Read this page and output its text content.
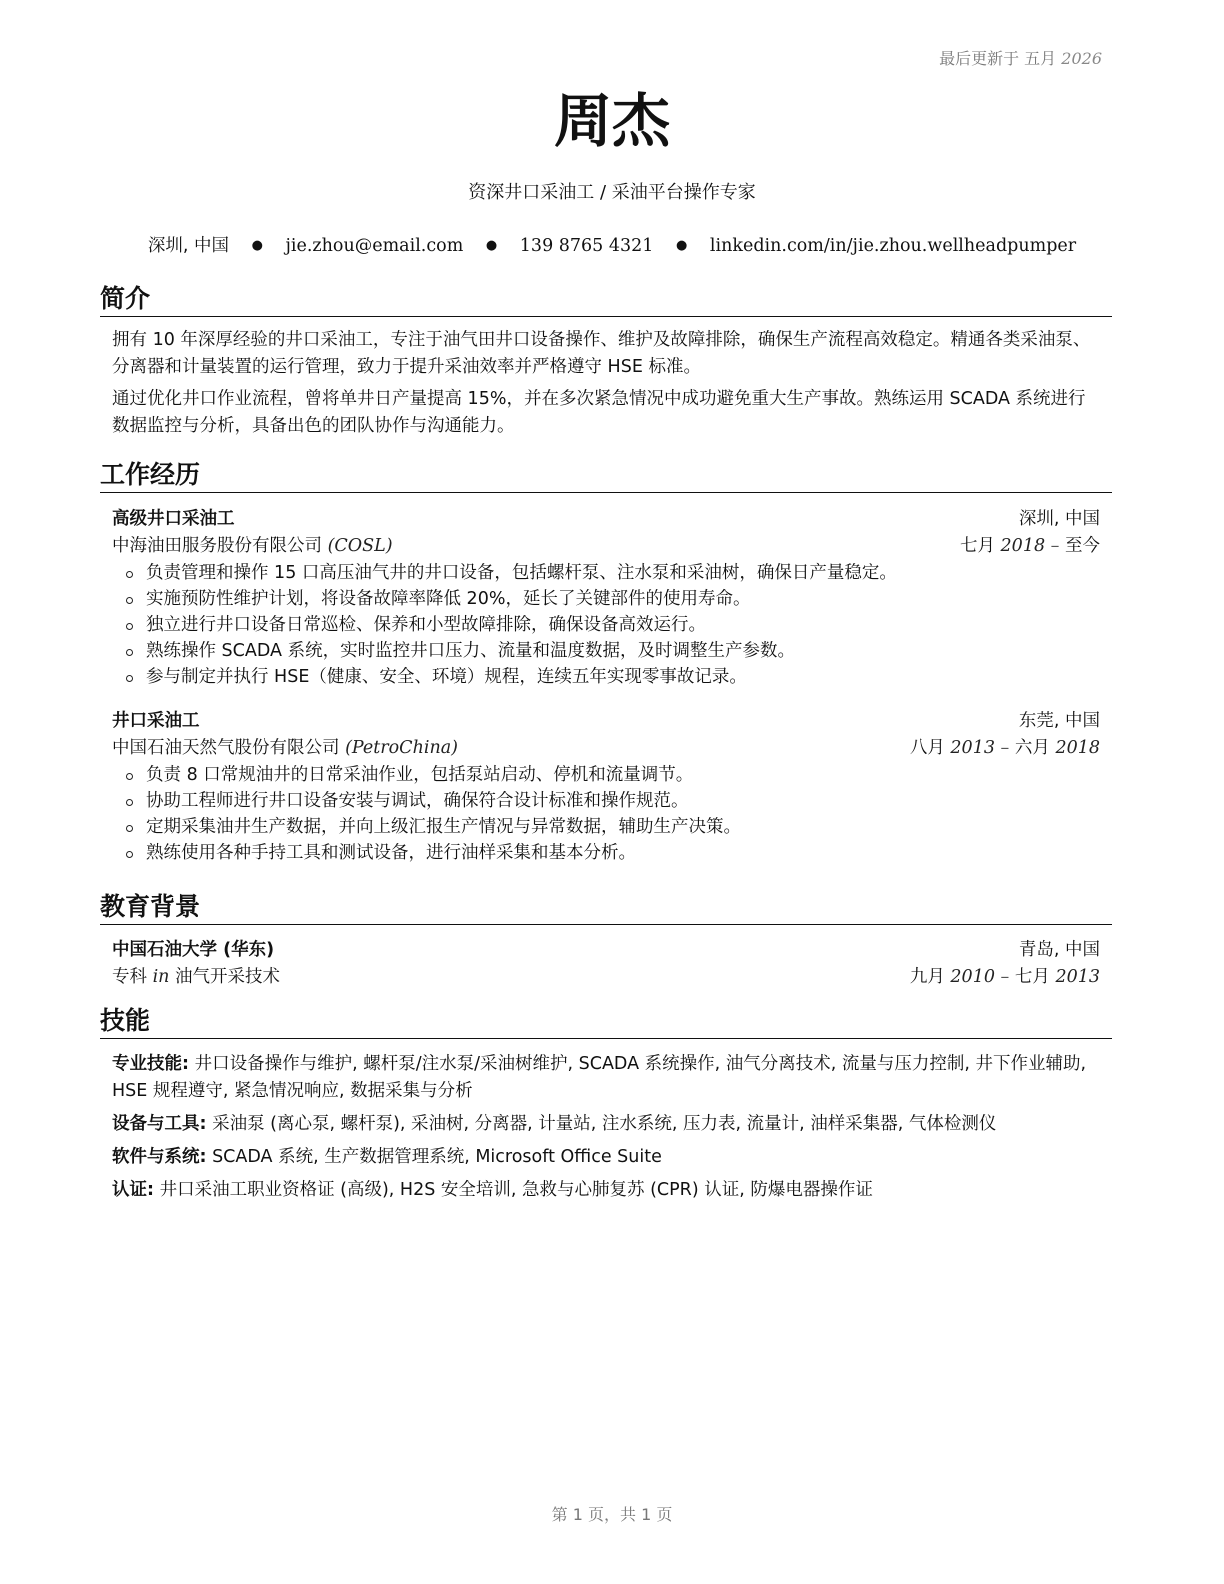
最后更新于 五月 2026
周杰
资深井口采油工 / 采油平台操作专家
深圳, 中国 ● jie.zhou@email.com ● 139 8765 4321 ● linkedin.com/in/jie.zhou.wellheadpumper
简介

拥有 10 年深厚经验的井口采油工，专注于油气田井口设备操作、维护及故障排除，确保生产流程高效稳定。精通各类采油泵、分离器和计量装置的运行管理，致力于提升采油效率并严格遵守 HSE 标准。

通过优化井口作业流程，曾将单井日产量提高 15%，并在多次紧急情况中成功避免重大生产事故。熟练运用 SCADA 系统进行数据监控与分析，具备出色的团队协作与沟通能力。

工作经历
高级井口采油工	深圳, 中国
中海油田服务股份有限公司 (COSL)	七月 2018 – 至今
负责管理和操作 15 口高压油气井的井口设备，包括螺杆泵、注水泵和采油树，确保日产量稳定。
实施预防性维护计划，将设备故障率降低 20%，延长了关键部件的使用寿命。
独立进行井口设备日常巡检、保养和小型故障排除，确保设备高效运行。
熟练操作 SCADA 系统，实时监控井口压力、流量和温度数据，及时调整生产参数。
参与制定并执行 HSE（健康、安全、环境）规程，连续五年实现零事故记录。
井口采油工	东莞, 中国
中国石油天然气股份有限公司 (PetroChina)	八月 2013 – 六月 2018
负责 8 口常规油井的日常采油作业，包括泵站启动、停机和流量调节。
协助工程师进行井口设备安装与调试，确保符合设计标准和操作规范。
定期采集油井生产数据，并向上级汇报生产情况与异常数据，辅助生产决策。
熟练使用各种手持工具和测试设备，进行油样采集和基本分析。
教育背景
中国石油大学 (华东)	青岛, 中国
专科 in 油气开采技术	九月 2010 – 七月 2013
技能

专业技能: 井口设备操作与维护, 螺杆泵/注水泵/采油树维护, SCADA 系统操作, 油气分离技术, 流量与压力控制, 井下作业辅助, HSE 规程遵守, 紧急情况响应, 数据采集与分析

设备与工具: 采油泵 (离心泵, 螺杆泵), 采油树, 分离器, 计量站, 注水系统, 压力表, 流量计, 油样采集器, 气体检测仪

软件与系统: SCADA 系统, 生产数据管理系统, Microsoft Office Suite

认证: 井口采油工职业资格证 (高级), H2S 安全培训, 急救与心肺复苏 (CPR) 认证, 防爆电器操作证

第 1 页，共 1 页
